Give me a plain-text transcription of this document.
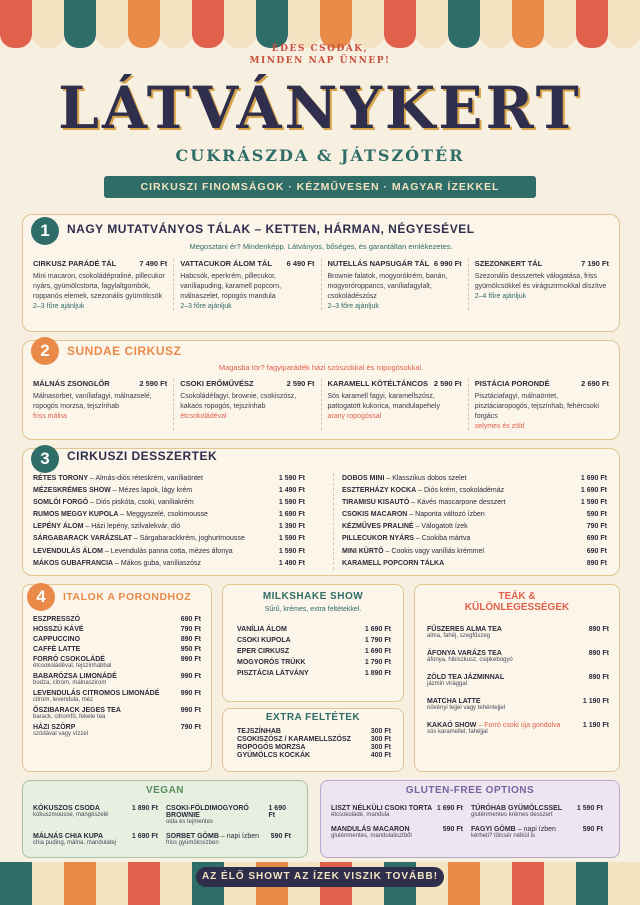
ÉDES CSODÁK,
MINDEN NAP ÜNNEP!
LÁTVÁNYKERT
CUKRÁSZDA & JÁTSZÓTÉR
CIRKUSZI FINOMSÁGOK · KÉZMŰVESEN · MAGYAR ÍZEKKEL
1	NAGY MUTATVÁNYOS TÁLAK – KETTEN, HÁRMAN, NÉGYESÉVEL
Megosztani ér? Mindenképp. Látványos, bőséges, és garantáltan emlékezetes.
CIRKUSZ PARÁDÉ TÁL	7 490 Ft
Mini macaron, csokoládépraliné, pillecukor nyárs, gyümölcstorta, fagylaltgombók, roppanós elemek, szezonális gyümölcsök
2–3 főre ajánljuk
VATTACUKOR ÁLOM TÁL 6 490 Ft
Habcsók, eperkrém, pillecukor, vaníliapuding, karamell popcorn, málnaszelet, ropogós mandula
2–3 főre ajánljuk
NUTELLÁS NAPSUGÁR TÁL 6 990 Ft
Brownie falatok, mogyorókrém, banán, mogyoróroppancs, vaníliafagylalt, csokoládészósz
2–3 főre ajánljuk
SZEZONKERT TÁL	7 190 Ft
Szezonális desszertek válogatása, friss gyümölcsökkel és virágszirmokkal díszítve
2–4 főre ajánljuk
2	SUNDAE CIRKUSZ
Magasba tör? fagyiparádék házi szószokkal és ropogósokkal.
MÁLNÁS ZSONGLŐR	2 590 Ft
Málnasorbet, vaníliafagyi, málnazselé, ropogós morzsa, tejszínhab
friss málna
CSOKI ERŐMŰVÉSZ	2 590 Ft
Csokoládéfagyi, brownie, csokiszósz, kakaós ropogós, tejszínhab
étcsokoládéval
KARAMELL KÖTÉLTÁNCOS 2 590 Ft
Sós karamell fagyi, karamellszósz, pattogatott kukorica, mandulapehely
arany ropogóssal
PISTÁCIA PORONDÉ	2 690 Ft
Pisztáciafagyi, málnaöntet, pisztáciaropogós, tejszínhab, fehércsoki forgács
selymes és zöld
3	CIRKUSZI DESSZERTEK
RÉTES TORONY – Almás-diós réteskrém, vaníliaöntet	1 590 Ft
MÉZESKRÉMES SHOW – Mézes lapok, lágy krém	1 490 Ft
SOMLÓI FORGÓ – Diós piskóta, csoki, vaníliakrém	1 590 Ft
RUMOS MEGGY KUPOLA – Meggyszelé, csokimousse	1 690 Ft
LEPÉNY ÁLOM – Házi lepény, szilvalekvár, dió	1 390 Ft
SÁRGABARACK VARÁZSLAT – Sárgabarackkrém, joghurtmousse	1 590 Ft
LEVENDULÁS ÁLOM – Levendulás panna cotta, mézes áfonya	1 590 Ft
MÁKOS GUBAFRANCIA – Mákos guba, vaníliaszósz	1 490 Ft
DOBOS MINI – Klasszikus dobos szelet	1 690 Ft
ESZTERHÁZY KOCKA – Diós krém, csokoládémáz	1 690 Ft
TIRAMISU KISAUTÓ – Kávés mascarpone desszert	1 590 Ft
CSOKIS MACARON – Naponta változó ízben	590 Ft
KÉZMŰVES PRALINÉ – Válogatott ízek	790 Ft
PILLECUKOR NYÁRS – Csokiba mártva	690 Ft
MINI KÜRTŐ – Cookis vagy vaníliás krémmel	690 Ft
KARAMELL POPCORN TÁLKA	890 Ft
4	ITALOK A PORONDHOZ
ESZPRESSZÓ	690 Ft
HOSSZÚ KÁVÉ	790 Ft
CAPPUCCINO	890 Ft
CAFFÈ LATTE	950 Ft
FORRÓ CSOKOLÁDÉ	990 Ft
étcsokoládéval, tejszínhabbal
BABARÓZSA LIMONÁDÉ	990 Ft
bodza, citrom, málnaszirom
LEVENDULÁS CITROMOS LIMONÁDÉ	990 Ft
citrom, levendula, méz
ŐSZIBARACK JEGES TEA	990 Ft
barack, citromfű, fekete tea
HÁZI SZÖRP	790 Ft
szódával vagy vízzel
MILKSHAKE SHOW
Sűrű, krémes, extra feltétekkel.
VANÍLIA ÁLOM	1 690 Ft
CSOKI KUPOLA	1 790 Ft
EPER CIRKUSZ	1 690 Ft
MOGYORÓS TRÜKK	1 790 Ft
PISZTÁCIA LÁTVÁNY	1 890 Ft
EXTRA FELTÉTEK
TEJSZÍNHAB	300 Ft
CSOKISZÓSZ / KARAMELLSZÓSZ	300 Ft
ROPOGÓS MORZSA	300 Ft
GYÜMÖLCS KOCKÁK	400 Ft
TEÁK &
KÜLÖNLEGESSÉGEK
FŰSZERES ALMA TEA	890 Ft
alma, fahéj, szegfűszeg
ÁFONYA VARÁZS TEA	890 Ft
áfonya, hibiszkusz, csipkebogyó
ZÖLD TEA JÁZMINNAL	890 Ft
jázmin virággal
MATCHA LATTE	1 190 Ft
növényi tejjel vagy tehéntejjel
KAKAÓ SHOW – Forró csoki úja gondolva	1 190 Ft
sós karamellel, fahéjjal
VEGAN
KÓKUSZOS CSODA	1 890 Ft
kókuszmousse, mangószelé
CSOKI-FÖLDIMOGYORÓ BROWNIE
1 690 Ft
olda és tejmentes
MÁLNÁS CHIA KUPA	1 690 Ft
chia puding, málna, mandulatej
SORBET GÖMB – napi ízben 590 Ft
friss gyümölcsízben
GLUTEN-FREE OPTIONS
LISZT NÉLKÜLI CSOKI TORTA 1 690 Ft
étcsokoládé, mandula
TÚRÓHAB GYÜMÖLCSSEL 1 590 Ft
gluténmentes krémes desszert
MANDULÁS MACARON	590 Ft
gluténmentes, mandulalisztből
FAGYI GÖMB – napi ízben	590 Ft
kérheti? tölcsér nélkül is
AZ ÉLŐ SHOWT AZ ÍZEK VISZIK TOVÁBB!
